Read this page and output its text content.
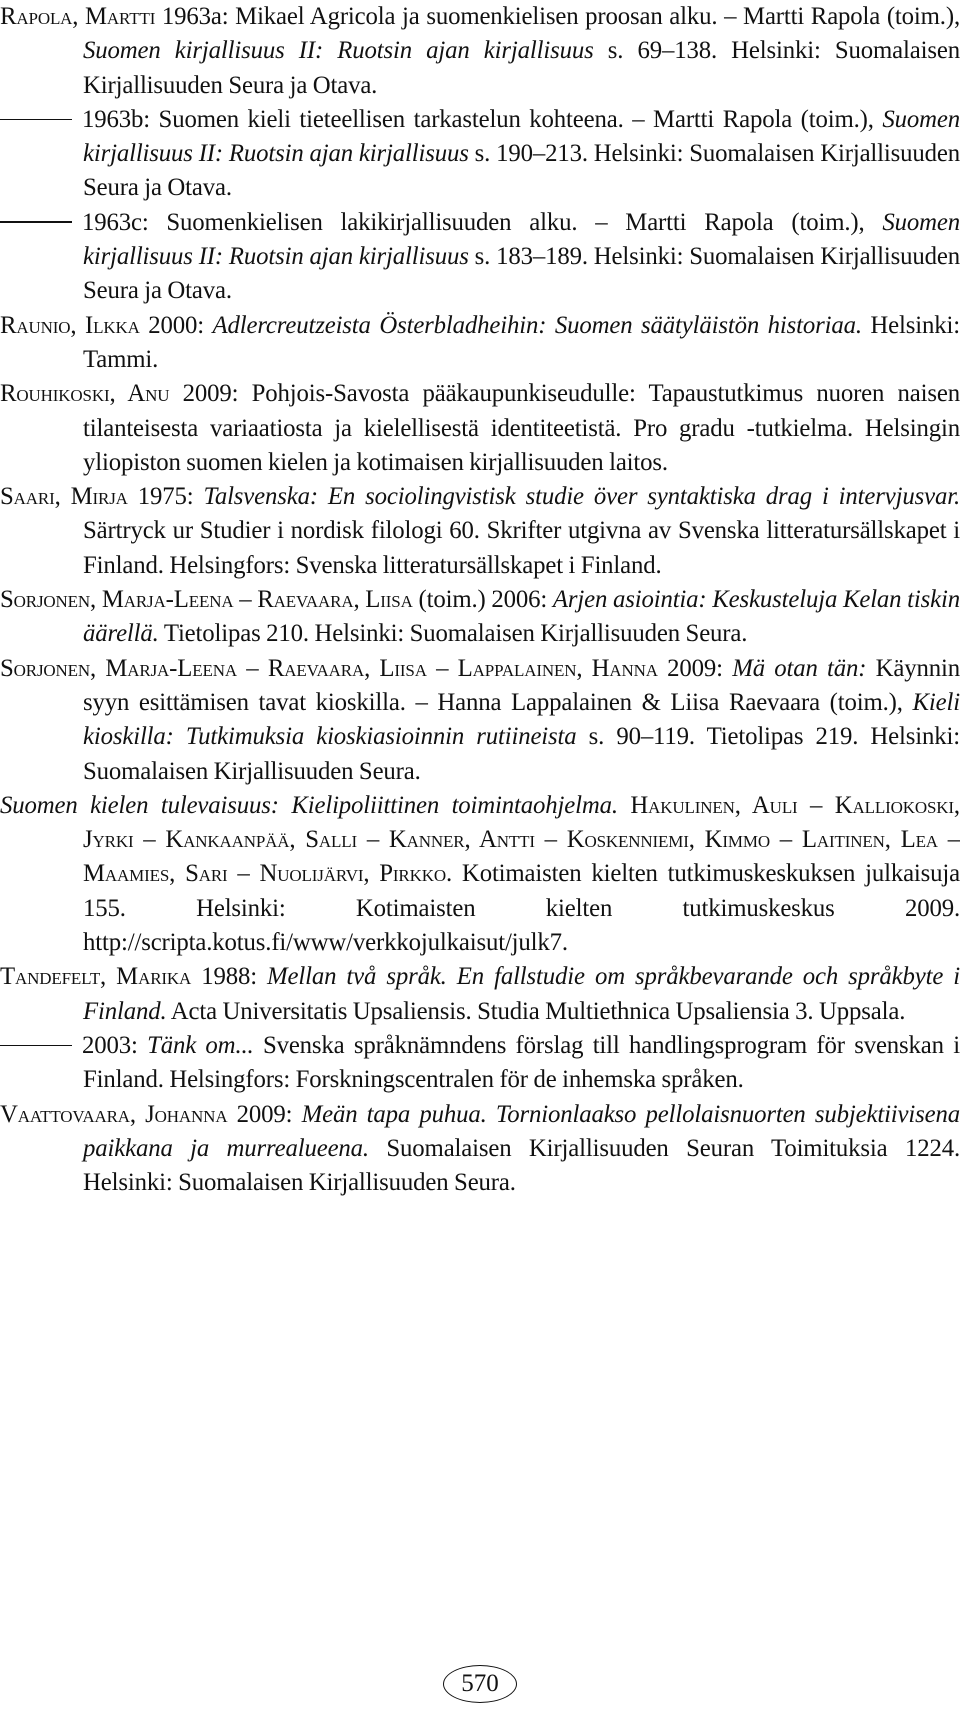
Rapola, Martti 1963a: Mikael Agricola ja suomenkielisen proosan alku. – Martti Rapola (toim.), Suomen kirjallisuus II: Ruotsin ajan kirjallisuus s. 69–138. Helsinki: Suomalaisen Kirjallisuuden Seura ja Otava.

1963b: Suomen kieli tieteellisen tarkastelun kohteena. – Martti Rapola (toim.), Suomen kirjallisuus II: Ruotsin ajan kirjallisuus s. 190–213. Helsinki: Suomalaisen Kirjallisuuden Seura ja Otava.

1963c: Suomenkielisen lakikirjallisuuden alku. – Martti Rapola (toim.), Suomen kirjallisuus II: Ruotsin ajan kirjallisuus s. 183–189. Helsinki: Suomalaisen Kirjallisuuden Seura ja Otava.

Raunio, Ilkka 2000: Adlercreutzeista Österbladheihin: Suomen säätyläistön historiaa. Helsinki: Tammi.

Rouhikoski, Anu 2009: Pohjois-Savosta pääkaupunkiseudulle: Tapaustutkimus nuoren naisen tilanteisesta variaatiosta ja kielellisestä identiteetistä. Pro gradu -tutkielma. Helsingin yliopiston suomen kielen ja kotimaisen kirjallisuuden laitos.

Saari, Mirja 1975: Talsvenska: En sociolingvistisk studie över syntaktiska drag i intervjusvar. Särtryck ur Studier i nordisk filologi 60. Skrifter utgivna av Svenska litteratursällskapet i Finland. Helsingfors: Svenska litteratursällskapet i Finland.

Sorjonen, Marja-Leena – Raevaara, Liisa (toim.) 2006: Arjen asiointia: Keskusteluja Kelan tiskin äärellä. Tietolipas 210. Helsinki: Suomalaisen Kirjallisuuden Seura.

Sorjonen, Marja-Leena – Raevaara, Liisa – Lappalainen, Hanna 2009: Mä otan tän: Käynnin syyn esittämisen tavat kioskilla. – Hanna Lappalainen & Liisa Raevaara (toim.), Kieli kioskilla: Tutkimuksia kioskiasioinnin rutiineista s. 90–119. Tietolipas 219. Helsinki: Suomalaisen Kirjallisuuden Seura.

Suomen kielen tulevaisuus: Kielipoliittinen toimintaohjelma. Hakulinen, Auli – Kalliokoski, Jyrki – Kankaanpää, Salli – Kanner, Antti – Koskenniemi, Kimmo – Laitinen, Lea – Maamies, Sari – Nuolijärvi, Pirkko. Kotimaisten kielten tutkimuskeskuksen julkaisuja 155. Helsinki: Kotimaisten kielten tutkimuskeskus 2009. http://scripta.kotus.fi/www/verkkojulkaisut/julk7.

Tandefelt, Marika 1988: Mellan två språk. En fallstudie om språkbevarande och språkbyte i Finland. Acta Universitatis Upsaliensis. Studia Multiethnica Upsaliensia 3. Uppsala.

2003: Tänk om... Svenska språknämndens förslag till handlingsprogram för svenskan i Finland. Helsingfors: Forskningscentralen för de inhemska språken.

Vaattovaara, Johanna 2009: Meän tapa puhua. Tornionlaakso pellolaisnuorten subjektiivisena paikkana ja murrealueena. Suomalaisen Kirjallisuuden Seuran Toimituksia 1224. Helsinki: Suomalaisen Kirjallisuuden Seura.

570
